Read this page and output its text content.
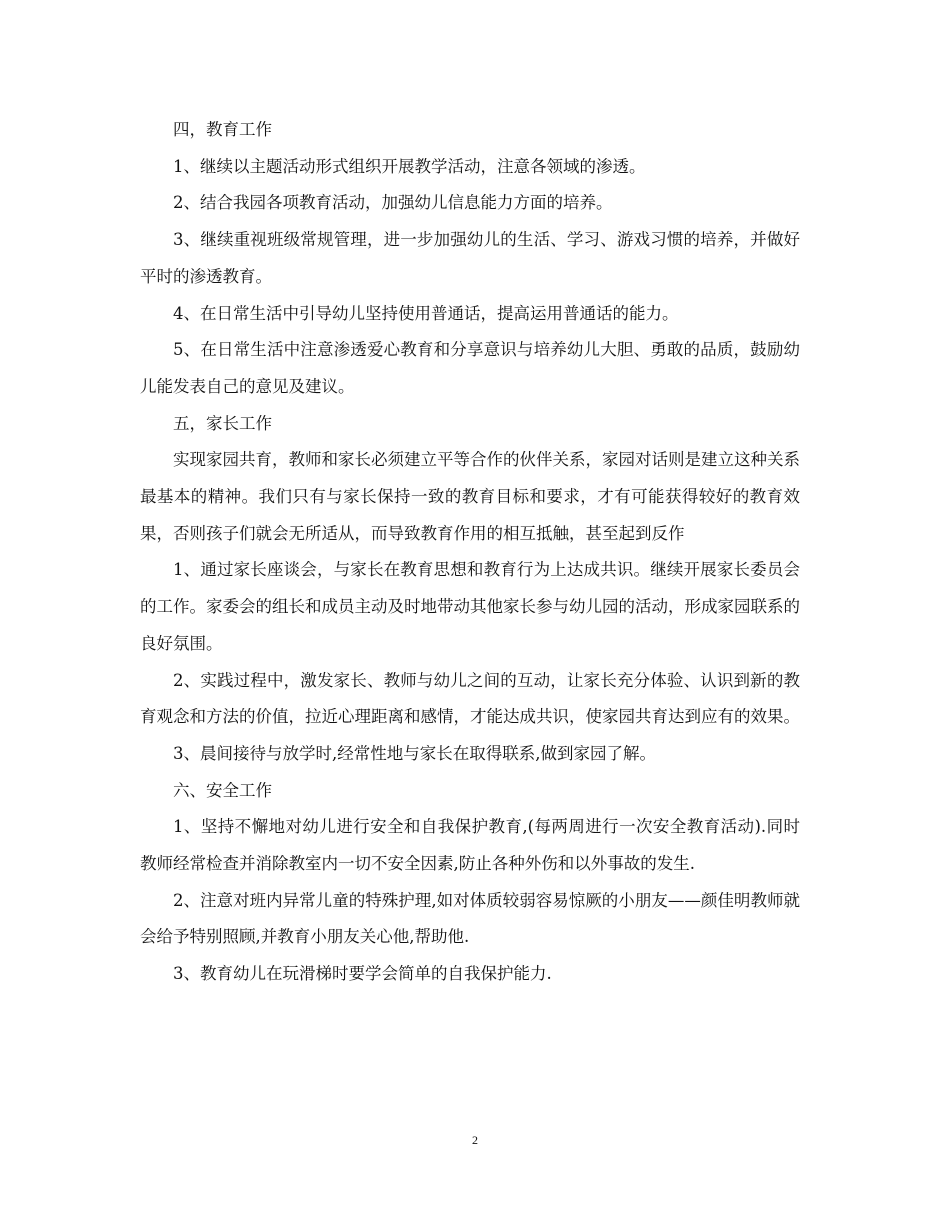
四，教育工作

1、继续以主题活动形式组织开展教学活动，注意各领域的渗透。

2、结合我园各项教育活动，加强幼儿信息能力方面的培养。

3、继续重视班级常规管理，进一步加强幼儿的生活、学习、游戏习惯的培养，并做好平时的渗透教育。

4、在日常生活中引导幼儿坚持使用普通话，提高运用普通话的能力。

5、在日常生活中注意渗透爱心教育和分享意识与培养幼儿大胆、勇敢的品质，鼓励幼儿能发表自己的意见及建议。

五，家长工作

实现家园共育，教师和家长必须建立平等合作的伙伴关系，家园对话则是建立这种关系最基本的精神。我们只有与家长保持一致的教育目标和要求，才有可能获得较好的教育效果，否则孩子们就会无所适从，而导致教育作用的相互抵触，甚至起到反作

1、通过家长座谈会，与家长在教育思想和教育行为上达成共识。继续开展家长委员会的工作。家委会的组长和成员主动及时地带动其他家长参与幼儿园的活动，形成家园联系的良好氛围。

2、实践过程中，激发家长、教师与幼儿之间的互动，让家长充分体验、认识到新的教育观念和方法的价值，拉近心理距离和感情，才能达成共识，使家园共育达到应有的效果。

3、晨间接待与放学时,经常性地与家长在取得联系,做到家园了解。

六、安全工作

1、坚持不懈地对幼儿进行安全和自我保护教育,(每两周进行一次安全教育活动).同时教师经常检查并消除教室内一切不安全因素,防止各种外伤和以外事故的发生.

2、注意对班内异常儿童的特殊护理,如对体质较弱容易惊厥的小朋友——颜佳明教师就会给予特别照顾,并教育小朋友关心他,帮助他.

3、教育幼儿在玩滑梯时要学会简单的自我保护能力.

2
